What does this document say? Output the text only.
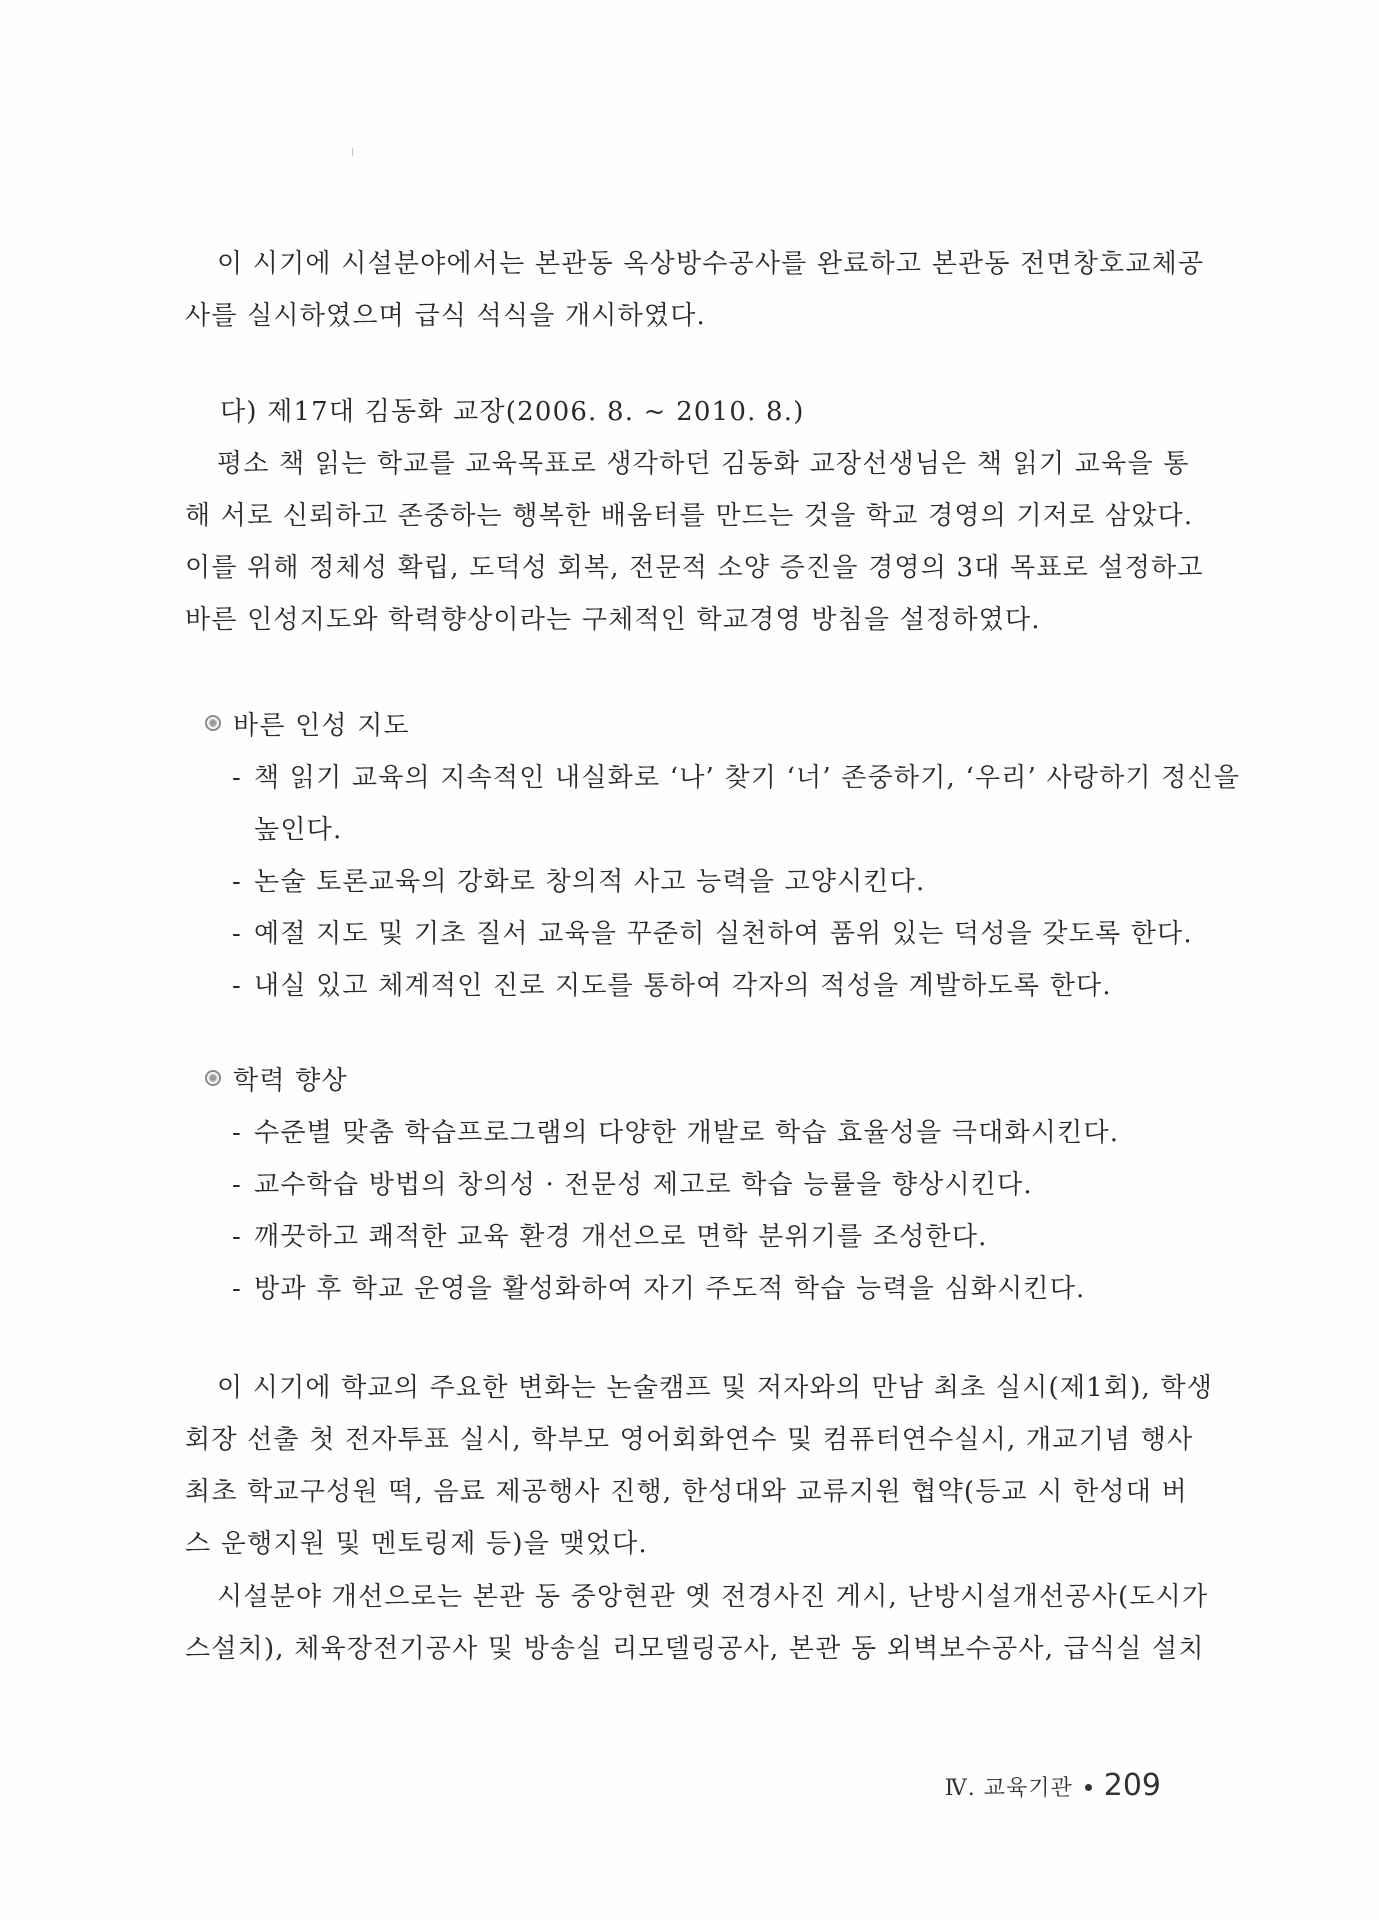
이 시기에 시설분야에서는 본관동 옥상방수공사를 완료하고 본관동 전면창호교체공
사를 실시하였으며 급식 석식을 개시하였다.

다) 제17대 김동화 교장(2006. 8. ~ 2010. 8.)

평소 책 읽는 학교를 교육목표로 생각하던 김동화 교장선생님은 책 읽기 교육을 통
해 서로 신뢰하고 존중하는 행복한 배움터를 만드는 것을 학교 경영의 기저로 삼았다.
이를 위해 정체성 확립, 도덕성 회복, 전문적 소양 증진을 경영의 3대 목표로 설정하고
바른 인성지도와 학력향상이라는 구체적인 학교경영 방침을 설정하였다.

바른 인성 지도
- 책 읽기 교육의 지속적인 내실화로 ‘나’ 찾기 ‘너’ 존중하기, ‘우리’ 사랑하기 정신을
높인다.
- 논술 토론교육의 강화로 창의적 사고 능력을 고양시킨다.
- 예절 지도 및 기초 질서 교육을 꾸준히 실천하여 품위 있는 덕성을 갖도록 한다.
- 내실 있고 체계적인 진로 지도를 통하여 각자의 적성을 계발하도록 한다.
학력 향상
- 수준별 맞춤 학습프로그램의 다양한 개발로 학습 효율성을 극대화시킨다.
- 교수학습 방법의 창의성 · 전문성 제고로 학습 능률을 향상시킨다.
- 깨끗하고 쾌적한 교육 환경 개선으로 면학 분위기를 조성한다.
- 방과 후 학교 운영을 활성화하여 자기 주도적 학습 능력을 심화시킨다.

이 시기에 학교의 주요한 변화는 논술캠프 및 저자와의 만남 최초 실시(제1회), 학생
회장 선출 첫 전자투표 실시, 학부모 영어회화연수 및 컴퓨터연수실시, 개교기념 행사
최초 학교구성원 떡, 음료 제공행사 진행, 한성대와 교류지원 협약(등교 시 한성대 버
스 운행지원 및 멘토링제 등)을 맺었다.

시설분야 개선으로는 본관 동 중앙현관 옛 전경사진 게시, 난방시설개선공사(도시가
스설치), 체육장전기공사 및 방송실 리모델링공사, 본관 동 외벽보수공사, 급식실 설치

Ⅳ. 교육기관 209
